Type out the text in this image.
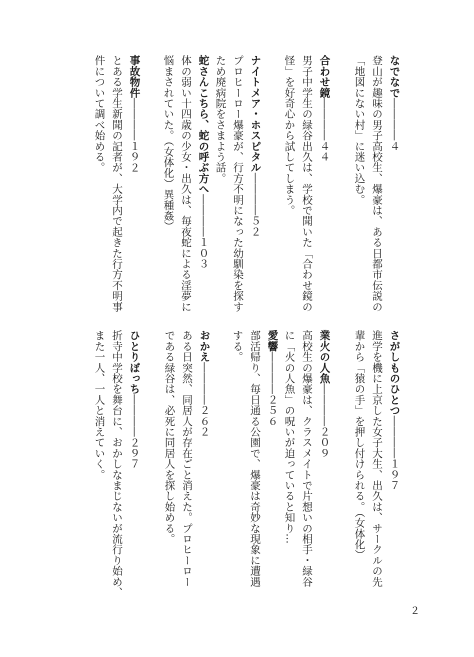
なでなで――――４

登山が趣味の男子高校生、爆豪は、ある日都市伝説の

「地図にない村」に迷い込む。

合わせ鏡――――４４

男子中学生の緑谷出久は、学校で聞いた「合わせ鏡の

怪」を好奇心から試してしまう。

ナイトメア・ホスピタル――――５２

プロヒーロー爆豪が、行方不明になった幼馴染を探す

ため廃病院をさまよう話。

蛇さんこちら、蛇の呼ぶ方へ――――１０３

体の弱い十四歳の少女・出久は、毎夜蛇による淫夢に

悩まされていた。（女体化）異種姦）

事故物件――――１９２

とある学生新聞の記者が、大学内で起きた行方不明事

件について調べ始める。

さがしものひとつ――――１９７

進学を機に上京した女子大生、出久は、サークルの先

輩から「猿の手」を押し付けられる。（女体化）

業火の人魚――――２０９

高校生の爆豪は、クラスメイトで片想いの相手・緑谷

に「火の人魚」の呪いが迫っていると知り…

愛響――――２５６

部活帰り、毎日通る公園で、爆豪は奇妙な現象に遭遇

する。

おかえ――――２６２

ある日突然、同居人が存在ごと消えた。プロヒーロー

である緑谷は、必死に同居人を探し始める。

ひとりぼっち――――２９７

折寺中学校を舞台に、おかしなまじないが流行り始め、

また一人、一人と消えていく。

２
